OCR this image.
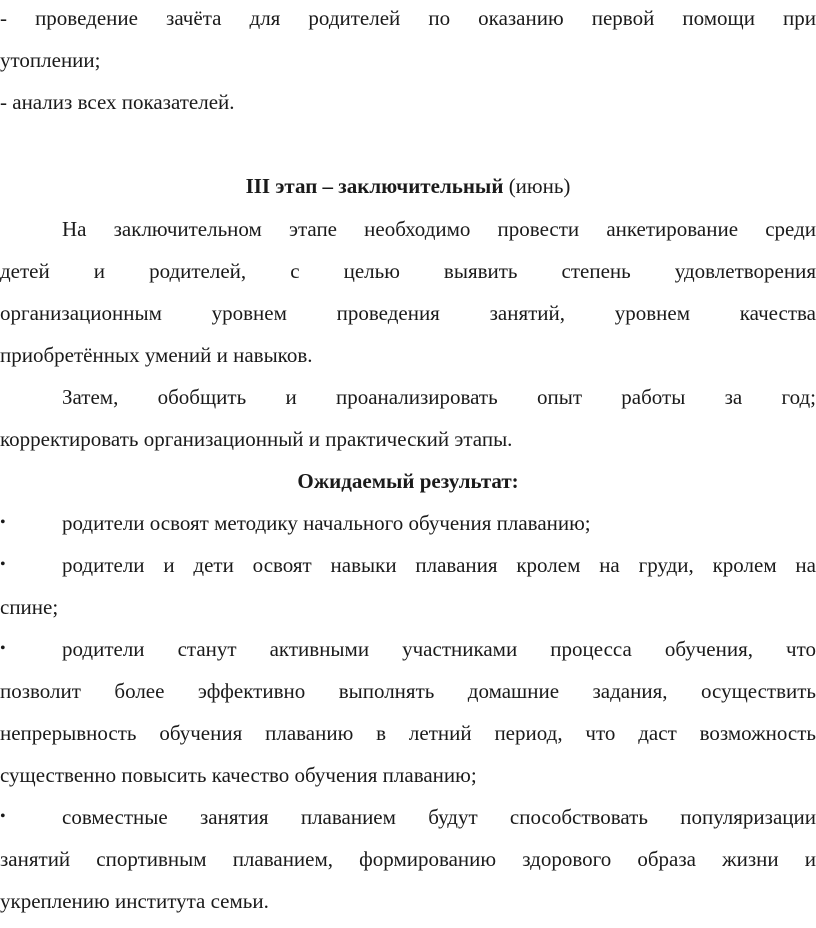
- проведение зачёта для родителей по оказанию первой помощи при
утоплении;
- анализ всех показателей.
III этап – заключительный (июнь)
На заключительном этапе необходимо провести анкетирование среди
детей и родителей, с целью выявить степень удовлетворения
организационным уровнем проведения занятий, уровнем качества
приобретённых умений и навыков.
Затем, обобщить и проанализировать опыт работы за год;
корректировать организационный и практический этапы.
Ожидаемый результат:
•	родители освоят методику начального обучения плаванию;
•	родители и дети освоят навыки плавания кролем на груди, кролем на
спине;
•	родители станут активными участниками процесса обучения, что
позволит более эффективно выполнять домашние задания, осуществить
непрерывность обучения плаванию в летний период, что даст возможность
существенно повысить качество обучения плаванию;
•	совместные занятия плаванием будут способствовать популяризации
занятий спортивным плаванием, формированию здорового образа жизни и
укреплению института семьи.
